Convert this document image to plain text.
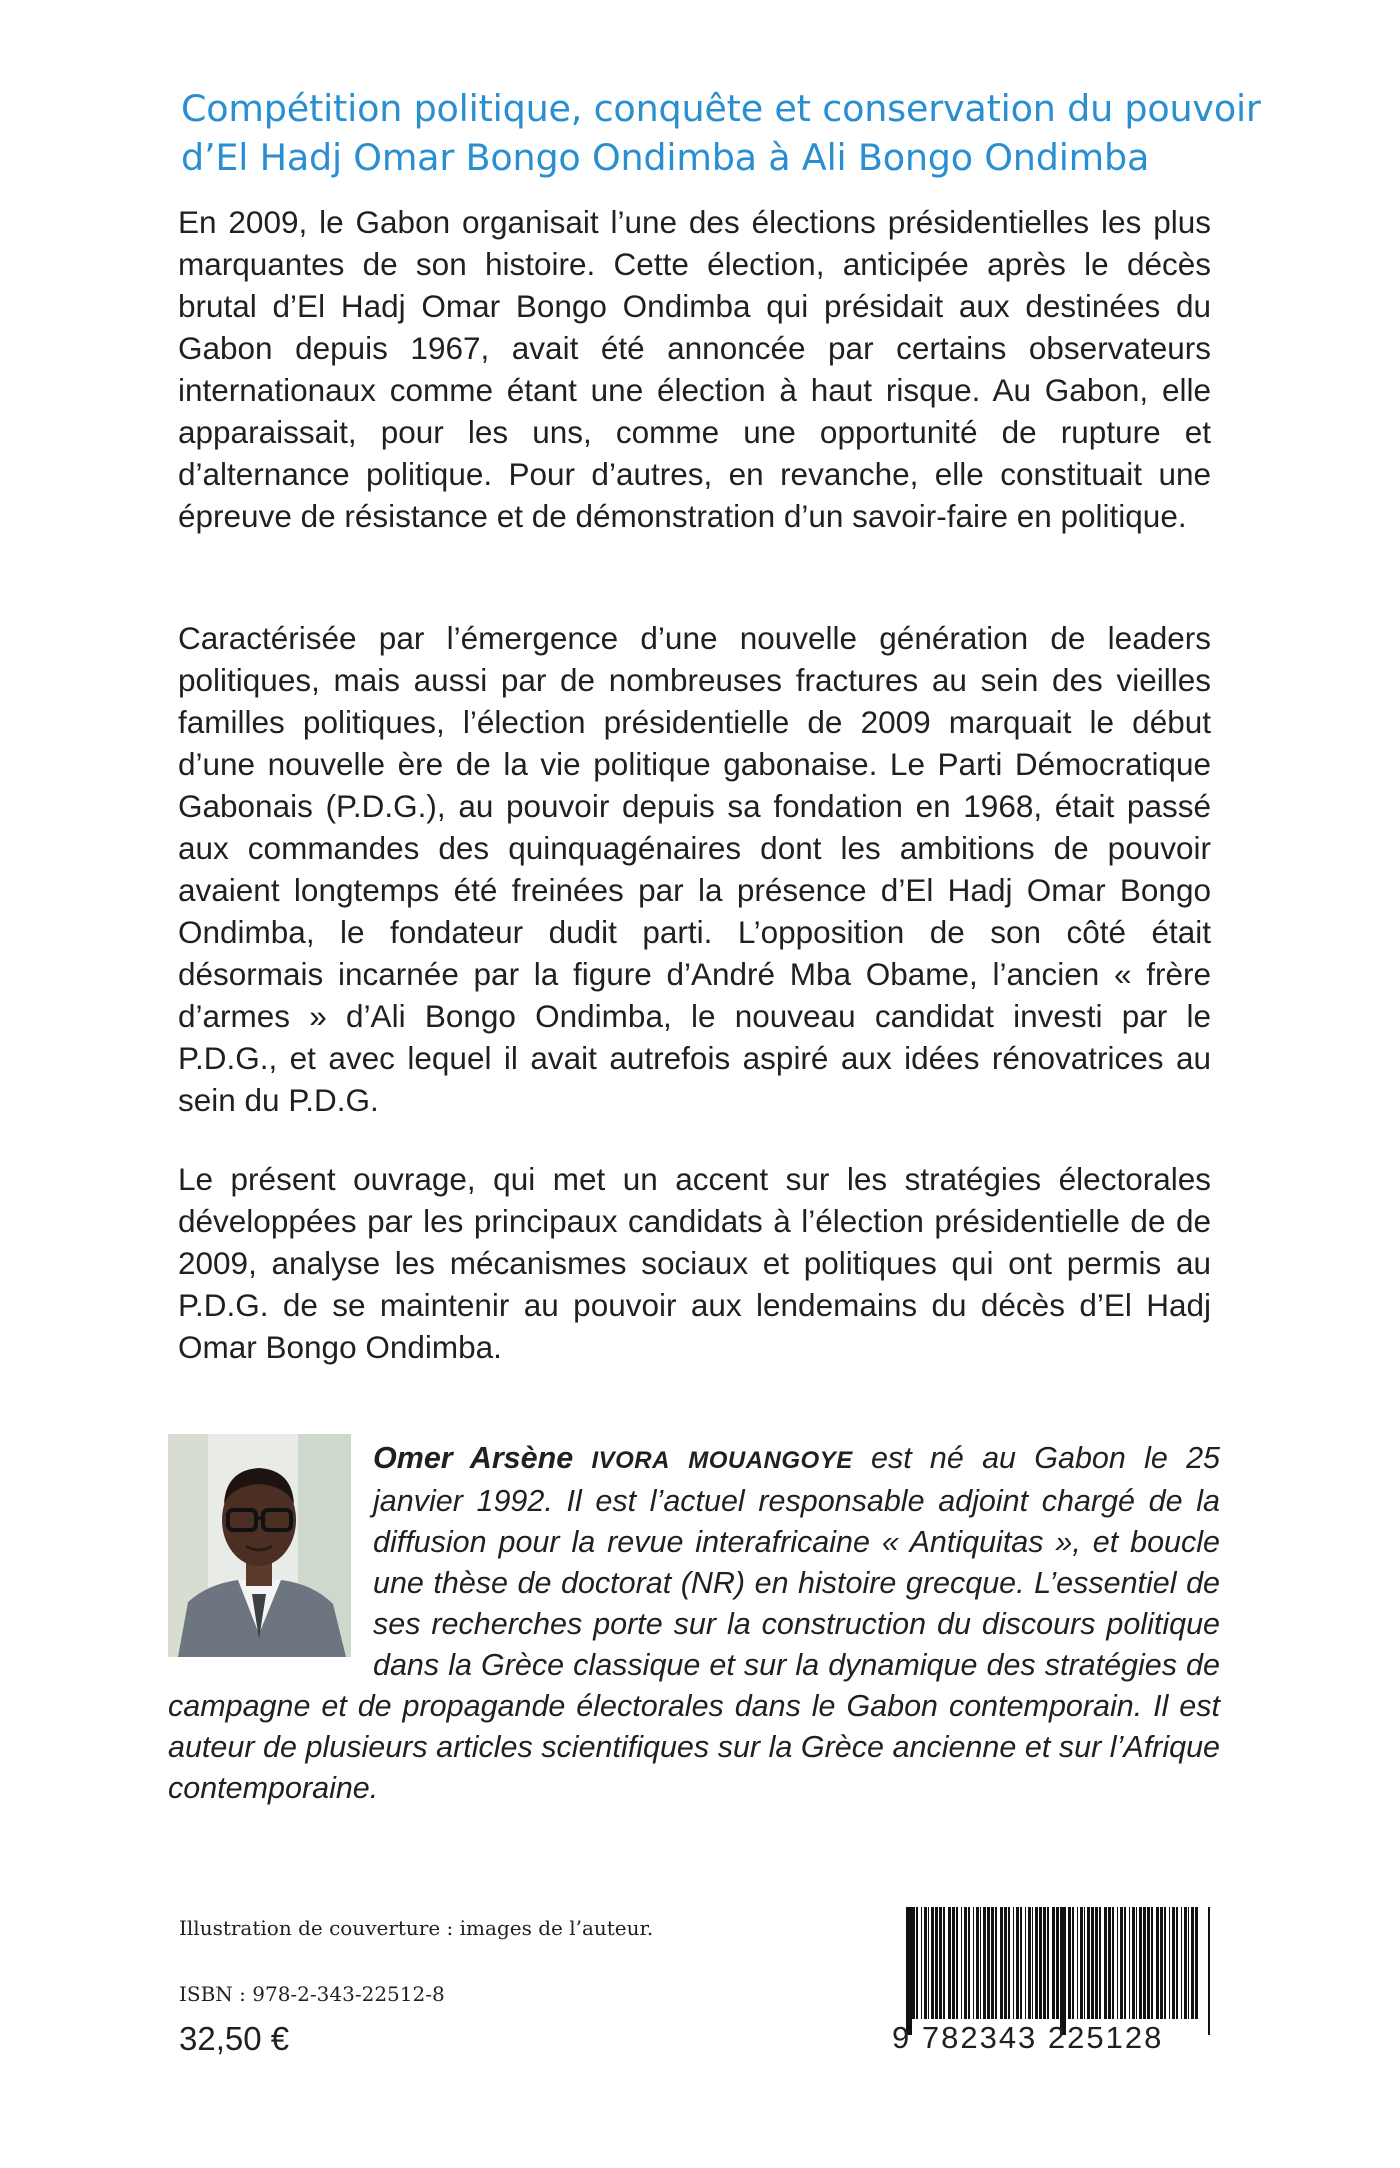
Compétition politique, conquête et conservation du pouvoir
d’El Hadj Omar Bongo Ondimba à Ali Bongo Ondimba

En 2009, le Gabon organisait l’une des élections présidentielles les plus marquantes de son histoire. Cette élection, anticipée après le décès brutal d’El Hadj Omar Bongo Ondimba qui présidait aux destinées du Gabon depuis 1967, avait été annoncée par certains observateurs internationaux comme étant une élection à haut risque. Au Gabon, elle apparaissait, pour les uns, comme une opportunité de rupture et d’alternance politique. Pour d’autres, en revanche, elle constituait une épreuve de résistance et de démonstration d’un savoir-faire en politique.

Caractérisée par l’émergence d’une nouvelle génération de leaders politiques, mais aussi par de nombreuses fractures au sein des vieilles familles politiques, l’élection présidentielle de 2009 marquait le début d’une nouvelle ère de la vie politique gabonaise. Le Parti Démocratique Gabonais (P.D.G.), au pouvoir depuis sa fondation en 1968, était passé aux commandes des quinquagénaires dont les ambitions de pouvoir avaient longtemps été freinées par la présence d’El Hadj Omar Bongo Ondimba, le fondateur dudit parti. L’opposition de son côté était désormais incarnée par la figure d’André Mba Obame, l’ancien « frère d’armes » d’Ali Bongo Ondimba, le nouveau candidat investi par le P.D.G., et avec lequel il avait autrefois aspiré aux idées rénovatrices au sein du P.D.G.

Le présent ouvrage, qui met un accent sur les stratégies électorales développées par les principaux candidats à l’élection présidentielle de de 2009, analyse les mécanismes sociaux et politiques qui ont permis au P.D.G. de se maintenir au pouvoir aux lendemains du décès d’El Hadj Omar Bongo Ondimba.

Omer Arsène IVORA MOUANGOYE est né au Gabon le 25 janvier 1992. Il est l’actuel responsable adjoint chargé de la diffusion pour la revue interafricaine « Antiquitas », et boucle une thèse de doctorat (NR) en histoire grecque. L’essentiel de ses recherches porte sur la construction du discours politique dans la Grèce classique et sur la dynamique des stratégies de campagne et de propagande électorales dans le Gabon contemporain. Il est auteur de plusieurs articles scientifiques sur la Grèce ancienne et sur l’Afrique contemporaine.
Illustration de couverture : images de l’auteur.
ISBN : 978-2-343-22512-8
32,50 €	9 782343 225128
